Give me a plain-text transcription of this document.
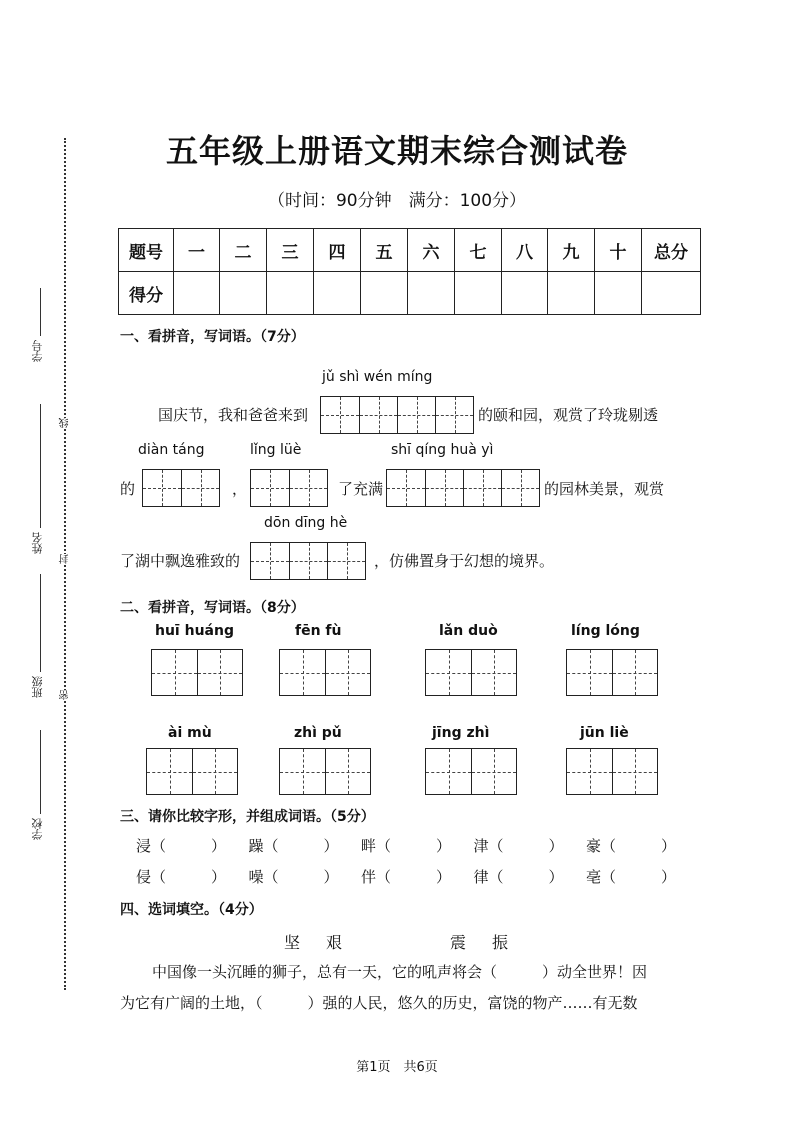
学号
姓名
班级
学校
线
封
密
五年级上册语文期末综合测试卷
（时间：90分钟　满分：100分）
题号	一	二	三	四	五	六	七	八	九	十	总分
得分											
一、看拼音，写词语。（7分）
jǔ shì wén míng
国庆节，我和爸爸来到	的颐和园，观赏了玲珑剔透
diàn táng	lǐng lüè	shī qíng huà yì
的	，	了充满	的园林美景，观赏
dōn dīng hè
了湖中飘逸雅致的	，仿佛置身于幻想的境界。
二、看拼音，写词语。（8分）
huī huáng	fēn fù	lǎn duò	líng lóng
ài mù	zhì pǔ	jīng zhì	jūn liè
三、请你比较字形，并组成词语。（5分）
浸（　　　） 躁（　　　） 畔（　　　） 津（　　　） 豪（　　　）
侵（　　　） 噪（　　　） 伴（　　　） 律（　　　） 亳（　　　）
四、选词填空。（4分）
坚艰	震振
中国像一头沉睡的狮子，总有一天，它的吼声将会（　　　）动全世界！因
为它有广阔的土地，（　　　）强的人民，悠久的历史，富饶的物产……有无数
第1页　共6页
